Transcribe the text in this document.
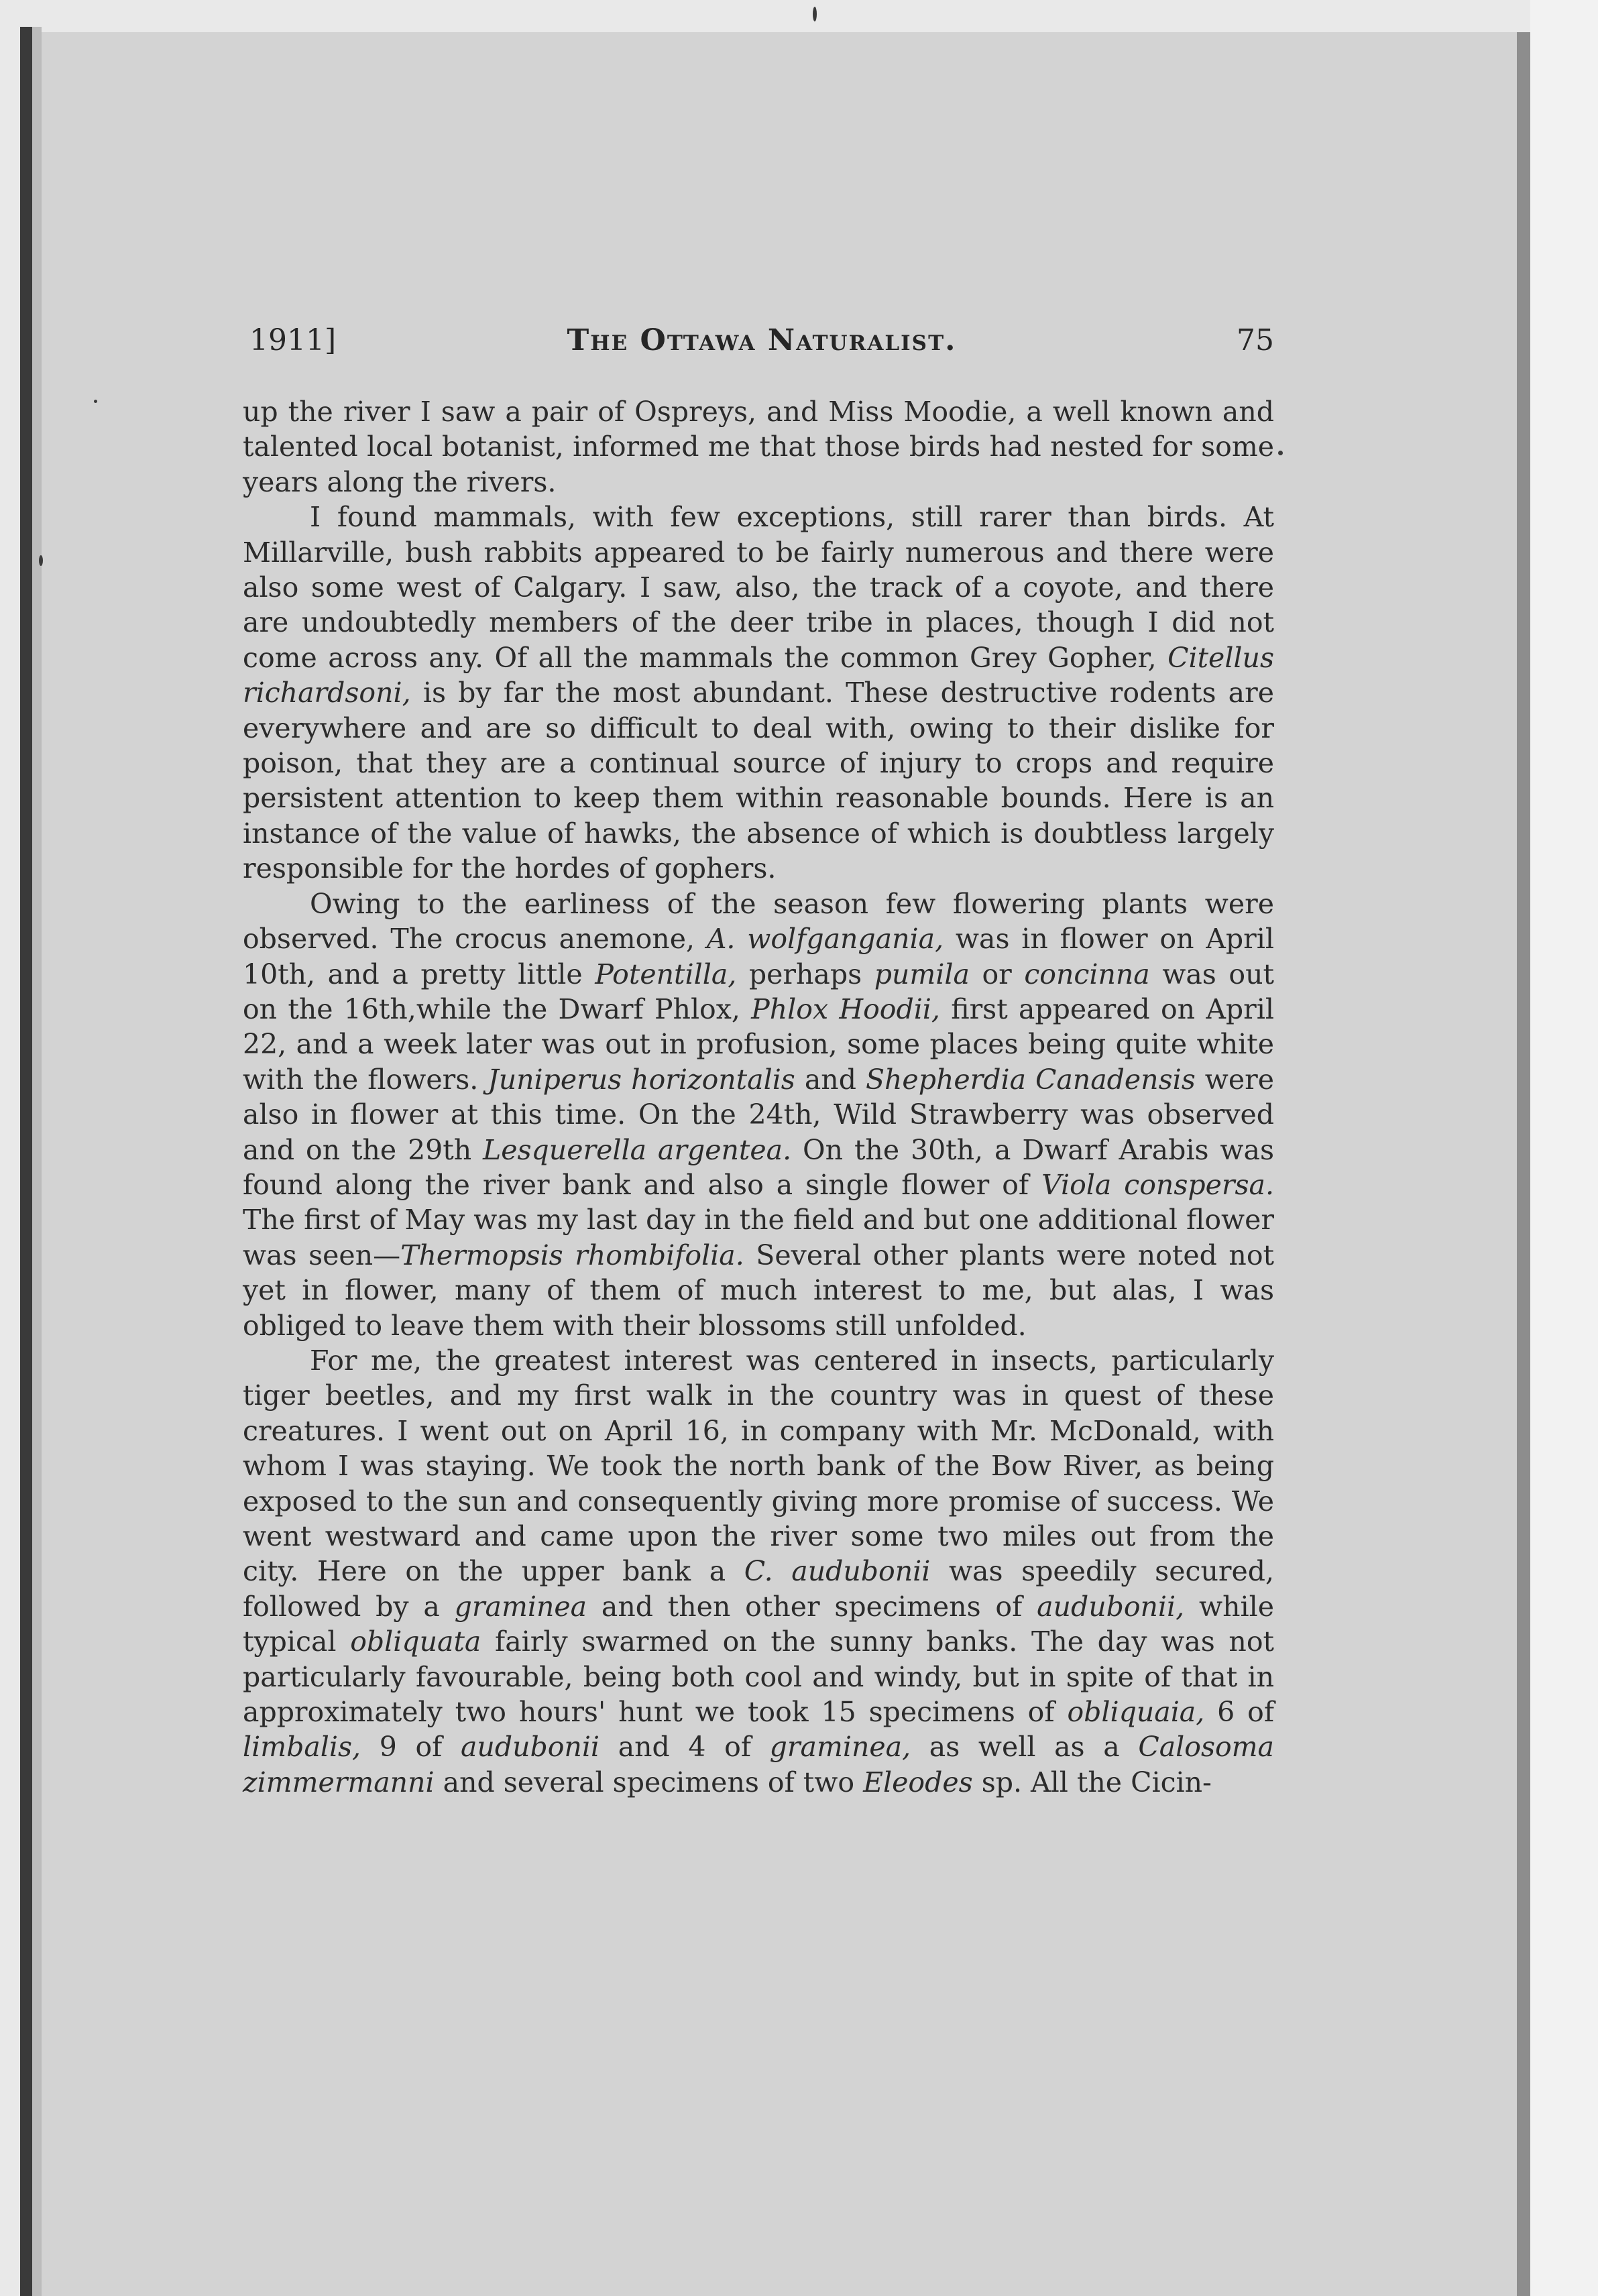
1911]	The Ottawa Naturalist.	75

up the river I saw a pair of Ospreys, and Miss Moodie, a well known and talented local botanist, informed me that those birds had nested for some years along the rivers.

I found mammals, with few exceptions, still rarer than birds. At Millarville, bush rabbits appeared to be fairly numerous and there were also some west of Calgary. I saw, also, the track of a coyote, and there are undoubtedly members of the deer tribe in places, though I did not come across any. Of all the mammals the common Grey Gopher, Citellus richardsoni, is by far the most abundant. These destructive rodents are everywhere and are so difficult to deal with, owing to their dislike for poison, that they are a continual source of injury to crops and require persistent attention to keep them within reasonable bounds. Here is an instance of the value of hawks, the absence of which is doubtless largely responsible for the hordes of gophers.

Owing to the earliness of the season few flowering plants were observed. The crocus anemone, A. wolfgangania, was in flower on April 10th, and a pretty little Potentilla, perhaps pumila or concinna was out on the 16th,while the Dwarf Phlox, Phlox Hoodii, first appeared on April 22, and a week later was out in profusion, some places being quite white with the flowers. Juniperus horizontalis and Shepherdia Canadensis were also in flower at this time. On the 24th, Wild Strawberry was observed and on the 29th Lesquerella argentea. On the 30th, a Dwarf Arabis was found along the river bank and also a single flower of Viola conspersa. The first of May was my last day in the field and but one additional flower was seen—Thermopsis rhombifolia. Several other plants were noted not yet in flower, many of them of much interest to me, but alas, I was obliged to leave them with their blossoms still unfolded.

For me, the greatest interest was centered in insects, particularly tiger beetles, and my first walk in the country was in quest of these creatures. I went out on April 16, in company with Mr. McDonald, with whom I was staying. We took the north bank of the Bow River, as being exposed to the sun and consequently giving more promise of success. We went westward and came upon the river some two miles out from the city. Here on the upper bank a C. audubonii was speedily secured, followed by a graminea and then other specimens of audubonii, while typical obliquata fairly swarmed on the sunny banks. The day was not particularly favourable, being both cool and windy, but in spite of that in approximately two hours' hunt we took 15 specimens of obliquaia, 6 of limbalis, 9 of audubonii and 4 of graminea, as well as a Calosoma zimmermanni and several specimens of two Eleodes sp. All the Cicin-
